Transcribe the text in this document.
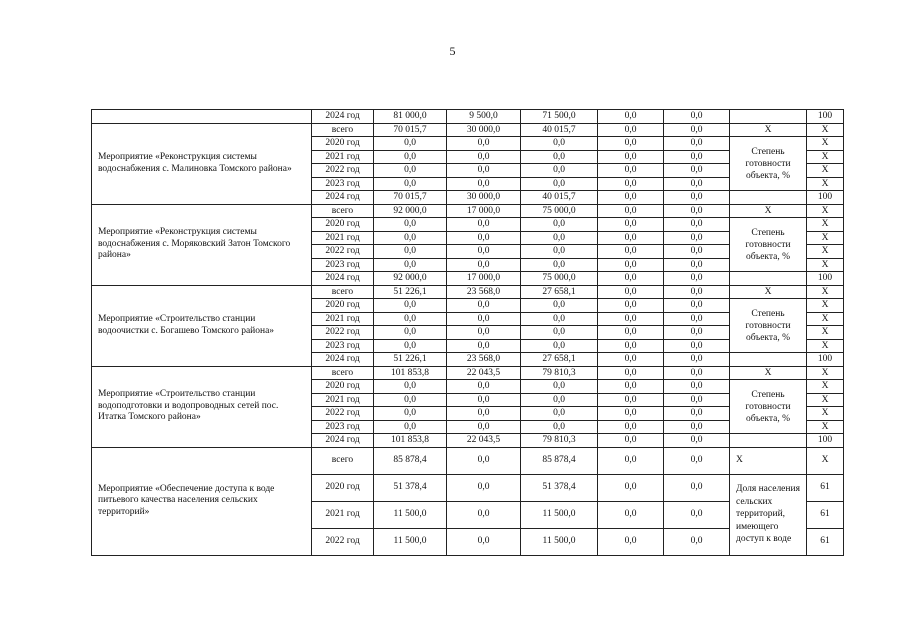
5
	2024 год	81 000,0	9 500,0	71 500,0	0,0	0,0		100
Мероприятие «Реконструкция системы водоснабжения с. Малиновка Томского района»	всего	70 015,7	30 000,0	40 015,7	0,0	0,0	X	X
	2020 год	0,0	0,0	0,0	0,0	0,0	Степень готовности объекта, %	X
	2021 год	0,0	0,0	0,0	0,0	0,0		X
	2022 год	0,0	0,0	0,0	0,0	0,0		X
	2023 год	0,0	0,0	0,0	0,0	0,0		X
	2024 год	70 015,7	30 000,0	40 015,7	0,0	0,0		100
Мероприятие «Реконструкция системы водоснабжения с. Моряковский Затон Томского района»	всего	92 000,0	17 000,0	75 000,0	0,0	0,0	X	X
	2020 год	0,0	0,0	0,0	0,0	0,0	Степень готовности объекта, %	X
	2021 год	0,0	0,0	0,0	0,0	0,0		X
	2022 год	0,0	0,0	0,0	0,0	0,0		X
	2023 год	0,0	0,0	0,0	0,0	0,0		X
	2024 год	92 000,0	17 000,0	75 000,0	0,0	0,0		100
Мероприятие «Строительство станции водоочистки с. Богашево Томского района»	всего	51 226,1	23 568,0	27 658,1	0,0	0,0	X	X
	2020 год	0,0	0,0	0,0	0,0	0,0	Степень готовности объекта, %	X
	2021 год	0,0	0,0	0,0	0,0	0,0		X
	2022 год	0,0	0,0	0,0	0,0	0,0		X
	2023 год	0,0	0,0	0,0	0,0	0,0		X
	2024 год	51 226,1	23 568,0	27 658,1	0,0	0,0		100
Мероприятие «Строительство станции водоподготовки и водопроводных сетей пос. Итатка Томского района»	всего	101 853,8	22 043,5	79 810,3	0,0	0,0	X	X
	2020 год	0,0	0,0	0,0	0,0	0,0	Степень готовности объекта, %	X
	2021 год	0,0	0,0	0,0	0,0	0,0		X
	2022 год	0,0	0,0	0,0	0,0	0,0		X
	2023 год	0,0	0,0	0,0	0,0	0,0		X
	2024 год	101 853,8	22 043,5	79 810,3	0,0	0,0		100
Мероприятие «Обеспечение доступа к воде питьевого качества населения сельских территорий»	всего	85 878,4	0,0	85 878,4	0,0	0,0	X	X
	2020 год	51 378,4	0,0	51 378,4	0,0	0,0	Доля населения сельских территорий, имеющего доступ к воде	61
	2021 год	11 500,0	0,0	11 500,0	0,0	0,0		61
	2022 год	11 500,0	0,0	11 500,0	0,0	0,0		61
